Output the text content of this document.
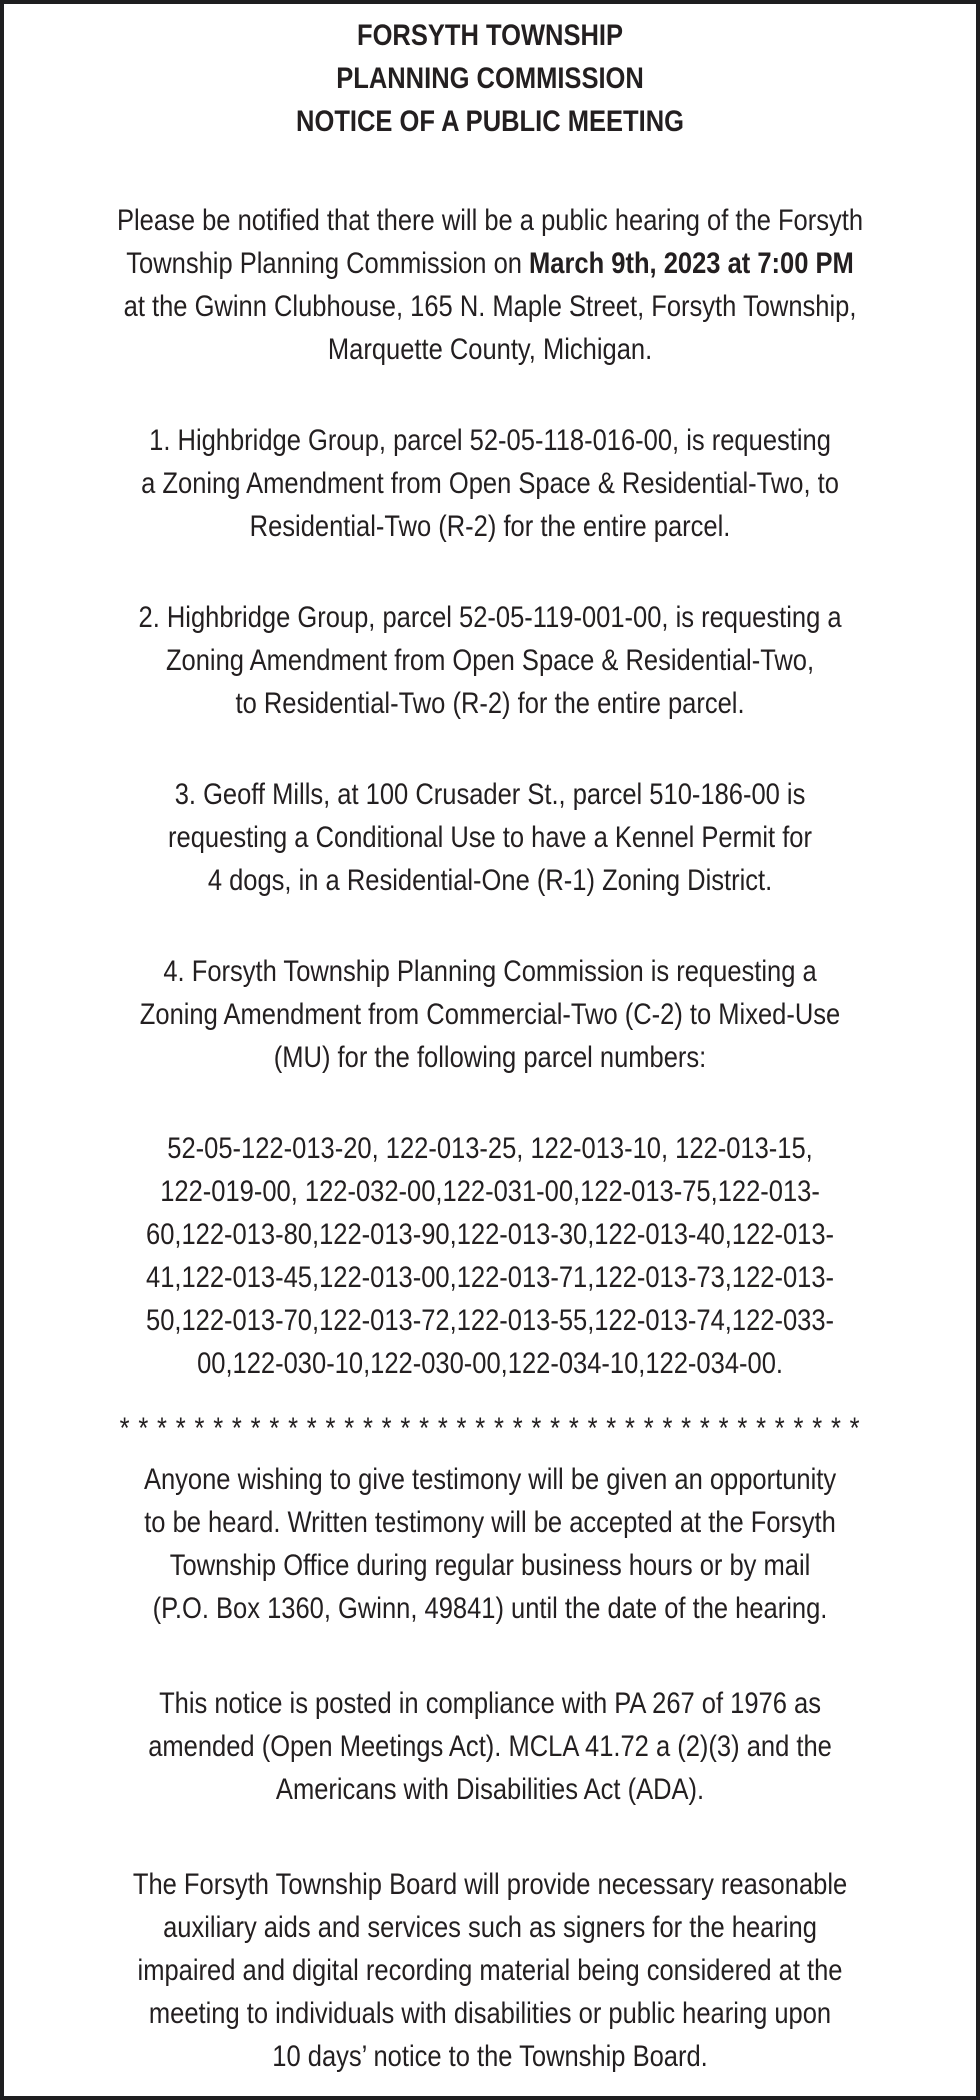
FORSYTH TOWNSHIP
PLANNING COMMISSION
NOTICE OF A PUBLIC MEETING
Please be notified that there will be a public hearing of the Forsyth
Township Planning Commission on March 9th, 2023 at 7:00 PM
at the Gwinn Clubhouse, 165 N. Maple Street, Forsyth Township,
Marquette County, Michigan.
1. Highbridge Group, parcel 52-05-118-016-00, is requesting
a Zoning Amendment from Open Space & Residential-Two, to
Residential-Two (R-2) for the entire parcel.
2. Highbridge Group, parcel 52-05-119-001-00, is requesting a
Zoning Amendment from Open Space & Residential-Two,
to Residential-Two (R-2) for the entire parcel.
3. Geoff Mills, at 100 Crusader St., parcel 510-186-00 is
requesting a Conditional Use to have a Kennel Permit for
4 dogs, in a Residential-One (R-1) Zoning District.
4. Forsyth Township Planning Commission is requesting a
Zoning Amendment from Commercial-Two (C-2) to Mixed-Use
(MU) for the following parcel numbers:
52-05-122-013-20, 122-013-25, 122-013-10, 122-013-15,
122-019-00, 122-032-00,122-031-00,122-013-75,122-013-
60,122-013-80,122-013-90,122-013-30,122-013-40,122-013-
41,122-013-45,122-013-00,122-013-71,122-013-73,122-013-
50,122-013-70,122-013-72,122-013-55,122-013-74,122-033-
00,122-030-10,122-030-00,122-034-10,122-034-00.
* * * * * * * * * * * * * * * * * * * * * * * * * * * * * * * * * * * * * * * *
Anyone wishing to give testimony will be given an opportunity
to be heard. Written testimony will be accepted at the Forsyth
Township Office during regular business hours or by mail
(P.O. Box 1360, Gwinn, 49841) until the date of the hearing.
This notice is posted in compliance with PA 267 of 1976 as
amended (Open Meetings Act). MCLA 41.72 a (2)(3) and the
Americans with Disabilities Act (ADA).
The Forsyth Township Board will provide necessary reasonable
auxiliary aids and services such as signers for the hearing
impaired and digital recording material being considered at the
meeting to individuals with disabilities or public hearing upon
10 days’ notice to the Township Board.
